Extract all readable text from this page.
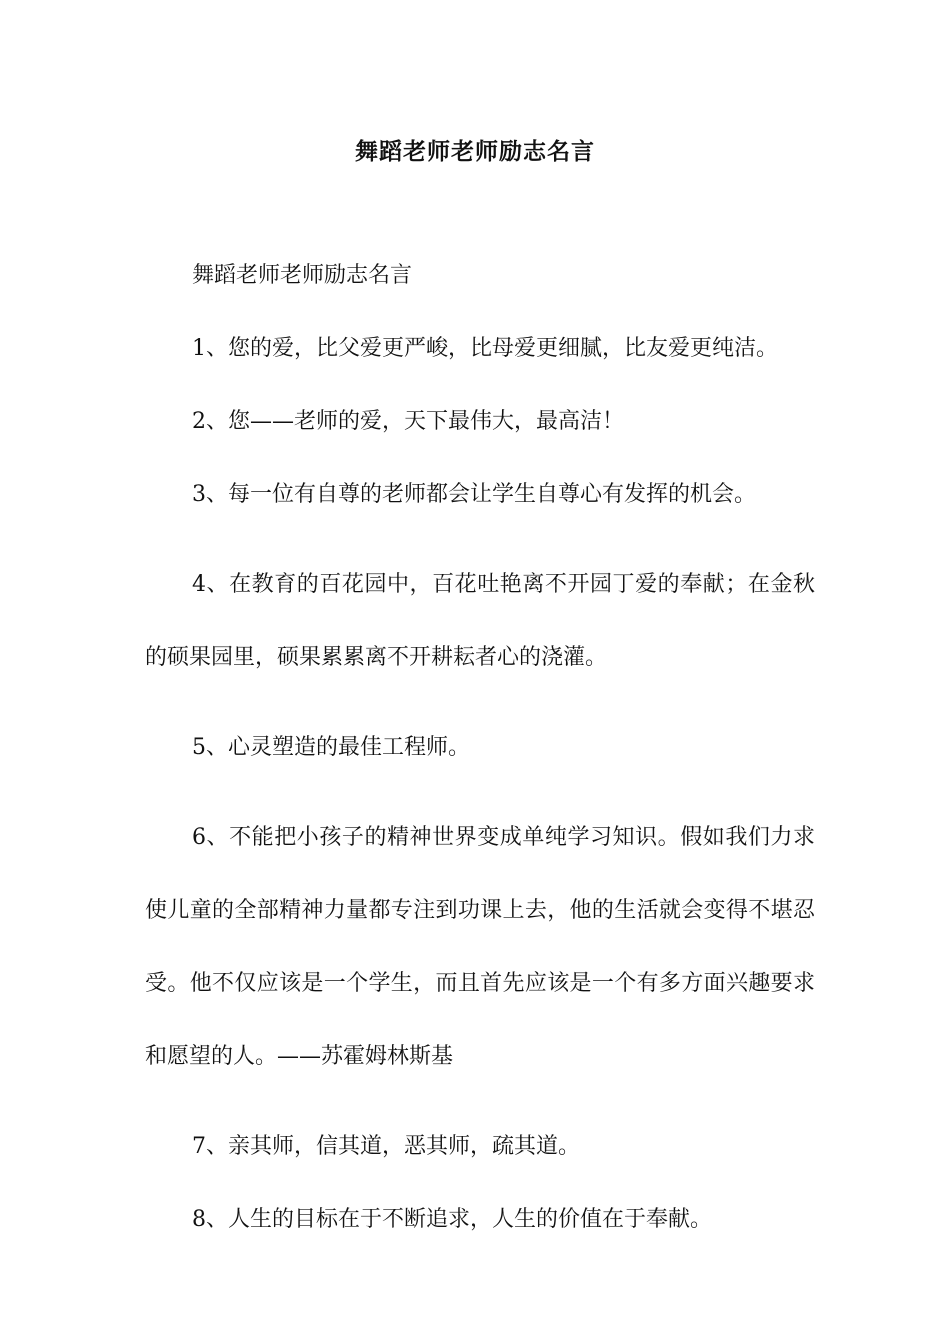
舞蹈老师老师励志名言

舞蹈老师老师励志名言

1、您的爱，比父爱更严峻，比母爱更细腻，比友爱更纯洁。

2、您——老师的爱，天下最伟大，最高洁！

3、每一位有自尊的老师都会让学生自尊心有发挥的机会。

4、在教育的百花园中，百花吐艳离不开园丁爱的奉献；在金秋的硕果园里，硕果累累离不开耕耘者心的浇灌。

5、心灵塑造的最佳工程师。

6、不能把小孩子的精神世界变成单纯学习知识。假如我们力求使儿童的全部精神力量都专注到功课上去，他的生活就会变得不堪忍受。他不仅应该是一个学生，而且首先应该是一个有多方面兴趣要求和愿望的人。——苏霍姆林斯基

7、亲其师，信其道，恶其师，疏其道。

8、人生的目标在于不断追求，人生的价值在于奉献。
